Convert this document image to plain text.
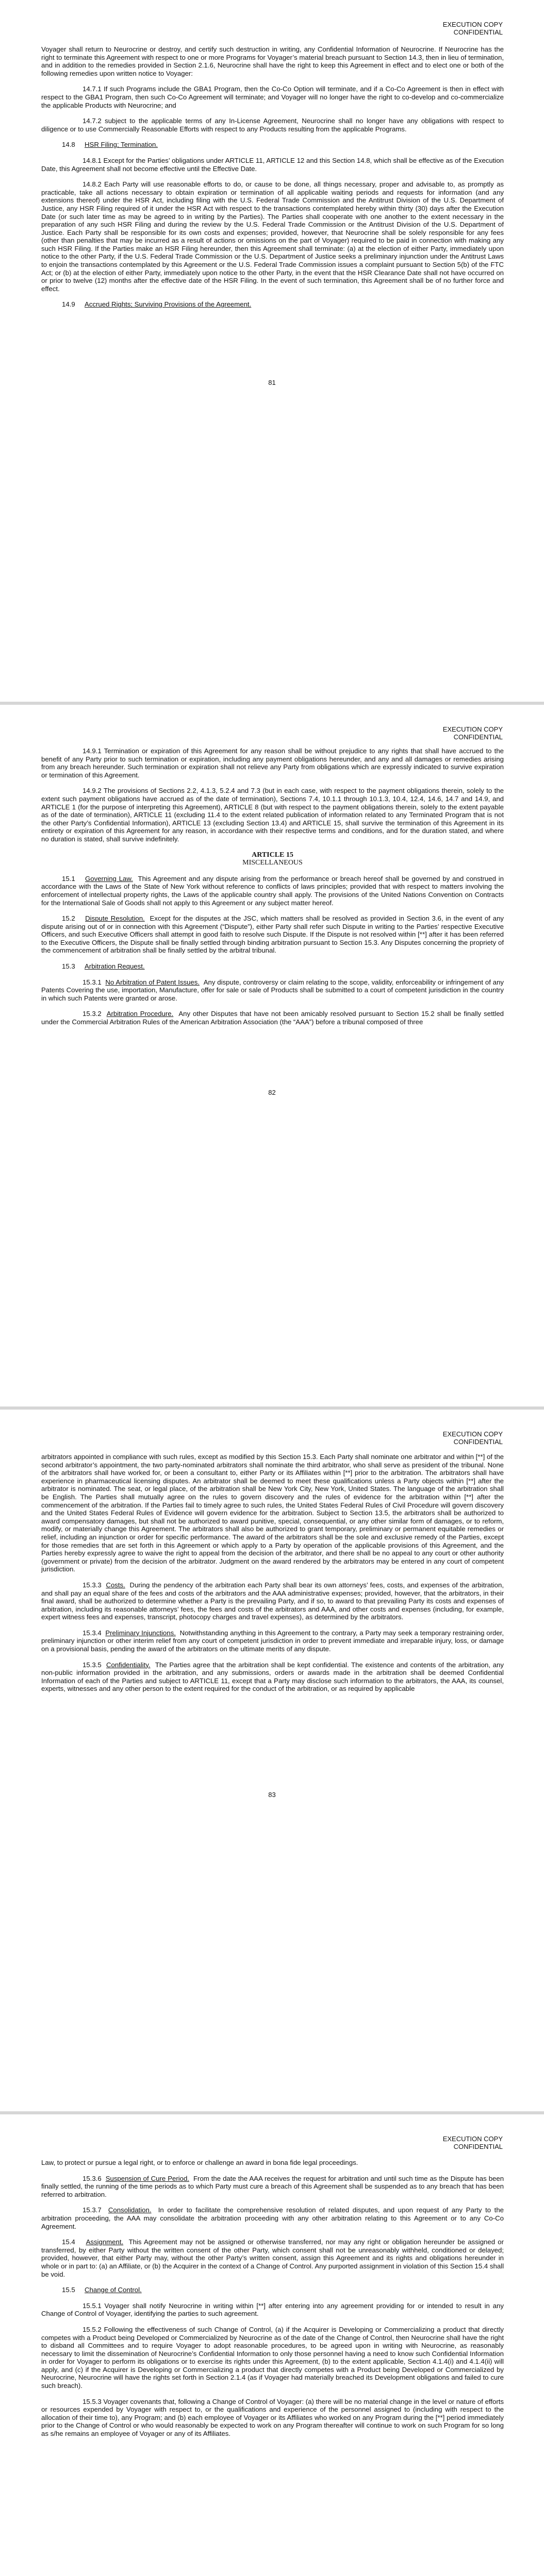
EXECUTION COPY
CONFIDENTIAL

Voyager shall return to Neurocrine or destroy, and certify such destruction in writing, any Confidential Information of Neurocrine. If Neurocrine has the right to terminate this Agreement with respect to one or more Programs for Voyager’s material breach pursuant to Section 14.3, then in lieu of termination, and in addition to the remedies provided in Section 2.1.6, Neurocrine shall have the right to keep this Agreement in effect and to elect one or both of the following remedies upon written notice to Voyager:

14.7.1 If such Programs include the GBA1 Program, then the Co-Co Option will terminate, and if a Co-Co Agreement is then in effect with respect to the GBA1 Program, then such Co-Co Agreement will terminate; and Voyager will no longer have the right to co-develop and co-commercialize the applicable Products with Neurocrine; and

14.7.2 subject to the applicable terms of any In-License Agreement, Neurocrine shall no longer have any obligations with respect to diligence or to use Commercially Reasonable Efforts with respect to any Products resulting from the applicable Programs.

14.8 HSR Filing; Termination.

14.8.1 Except for the Parties’ obligations under ARTICLE 11, ARTICLE 12 and this Section 14.8, which shall be effective as of the Execution Date, this Agreement shall not become effective until the Effective Date.

14.8.2 Each Party will use reasonable efforts to do, or cause to be done, all things necessary, proper and advisable to, as promptly as practicable, take all actions necessary to obtain expiration or termination of all applicable waiting periods and requests for information (and any extensions thereof) under the HSR Act, including filing with the U.S. Federal Trade Commission and the Antitrust Division of the U.S. Department of Justice, any HSR Filing required of it under the HSR Act with respect to the transactions contemplated hereby within thirty (30) days after the Execution Date (or such later time as may be agreed to in writing by the Parties). The Parties shall cooperate with one another to the extent necessary in the preparation of any such HSR Filing and during the review by the U.S. Federal Trade Commission or the Antitrust Division of the U.S. Department of Justice. Each Party shall be responsible for its own costs and expenses; provided, however, that Neurocrine shall be solely responsible for any fees (other than penalties that may be incurred as a result of actions or omissions on the part of Voyager) required to be paid in connection with making any such HSR Filing. If the Parties make an HSR Filing hereunder, then this Agreement shall terminate: (a) at the election of either Party, immediately upon notice to the other Party, if the U.S. Federal Trade Commission or the U.S. Department of Justice seeks a preliminary injunction under the Antitrust Laws to enjoin the transactions contemplated by this Agreement or the U.S. Federal Trade Commission issues a complaint pursuant to Section 5(b) of the FTC Act; or (b) at the election of either Party, immediately upon notice to the other Party, in the event that the HSR Clearance Date shall not have occurred on or prior to twelve (12) months after the effective date of the HSR Filing. In the event of such termination, this Agreement shall be of no further force and effect.

14.9 Accrued Rights; Surviving Provisions of the Agreement.

81
EXECUTION COPY
CONFIDENTIAL

14.9.1 Termination or expiration of this Agreement for any reason shall be without prejudice to any rights that shall have accrued to the benefit of any Party prior to such termination or expiration, including any payment obligations hereunder, and any and all damages or remedies arising from any breach hereunder. Such termination or expiration shall not relieve any Party from obligations which are expressly indicated to survive expiration or termination of this Agreement.

14.9.2 The provisions of Sections 2.2, 4.1.3, 5.2.4 and 7.3 (but in each case, with respect to the payment obligations therein, solely to the extent such payment obligations have accrued as of the date of termination), Sections 7.4, 10.1.1 through 10.1.3, 10.4, 12.4, 14.6, 14.7 and 14.9, and ARTICLE 1 (for the purpose of interpreting this Agreement), ARTICLE 8 (but with respect to the payment obligations therein, solely to the extent payable as of the date of termination), ARTICLE 11 (excluding 11.4 to the extent related publication of information related to any Terminated Program that is not the other Party’s Confidential Information), ARTICLE 13 (excluding Section 13.4) and ARTICLE 15, shall survive the termination of this Agreement in its entirety or expiration of this Agreement for any reason, in accordance with their respective terms and conditions, and for the duration stated, and where no duration is stated, shall survive indefinitely.

ARTICLE 15

MISCELLANEOUS

15.1 Governing Law. This Agreement and any dispute arising from the performance or breach hereof shall be governed by and construed in accordance with the Laws of the State of New York without reference to conflicts of laws principles; provided that with respect to matters involving the enforcement of intellectual property rights, the Laws of the applicable country shall apply. The provisions of the United Nations Convention on Contracts for the International Sale of Goods shall not apply to this Agreement or any subject matter hereof.

15.2 Dispute Resolution. Except for the disputes at the JSC, which matters shall be resolved as provided in Section 3.6, in the event of any dispute arising out of or in connection with this Agreement (“Dispute”), either Party shall refer such Dispute in writing to the Parties’ respective Executive Officers, and such Executive Officers shall attempt in good faith to resolve such Dispute. If the Dispute is not resolved within [**] after it has been referred to the Executive Officers, the Dispute shall be finally settled through binding arbitration pursuant to Section 15.3. Any Disputes concerning the propriety of the commencement of arbitration shall be finally settled by the arbitral tribunal.

15.3 Arbitration Request.

15.3.1 No Arbitration of Patent Issues. Any dispute, controversy or claim relating to the scope, validity, enforceability or infringement of any Patents Covering the use, importation, Manufacture, offer for sale or sale of Products shall be submitted to a court of competent jurisdiction in the country in which such Patents were granted or arose.

15.3.2 Arbitration Procedure. Any other Disputes that have not been amicably resolved pursuant to Section 15.2 shall be finally settled under the Commercial Arbitration Rules of the American Arbitration Association (the “AAA”) before a tribunal composed of three

82
EXECUTION COPY
CONFIDENTIAL

arbitrators appointed in compliance with such rules, except as modified by this Section 15.3. Each Party shall nominate one arbitrator and within [**] of the second arbitrator’s appointment, the two party-nominated arbitrators shall nominate the third arbitrator, who shall serve as president of the tribunal. None of the arbitrators shall have worked for, or been a consultant to, either Party or its Affiliates within [**] prior to the arbitration. The arbitrators shall have experience in pharmaceutical licensing disputes. An arbitrator shall be deemed to meet these qualifications unless a Party objects within [**] after the arbitrator is nominated. The seat, or legal place, of the arbitration shall be New York City, New York, United States. The language of the arbitration shall be English. The Parties shall mutually agree on the rules to govern discovery and the rules of evidence for the arbitration within [**] after the commencement of the arbitration. If the Parties fail to timely agree to such rules, the United States Federal Rules of Civil Procedure will govern discovery and the United States Federal Rules of Evidence will govern evidence for the arbitration. Subject to Section 13.5, the arbitrators shall be authorized to award compensatory damages, but shall not be authorized to award punitive, special, consequential, or any other similar form of damages, or to reform, modify, or materially change this Agreement. The arbitrators shall also be authorized to grant temporary, preliminary or permanent equitable remedies or relief, including an injunction or order for specific performance. The award of the arbitrators shall be the sole and exclusive remedy of the Parties, except for those remedies that are set forth in this Agreement or which apply to a Party by operation of the applicable provisions of this Agreement, and the Parties hereby expressly agree to waive the right to appeal from the decision of the arbitrator, and there shall be no appeal to any court or other authority (government or private) from the decision of the arbitrator. Judgment on the award rendered by the arbitrators may be entered in any court of competent jurisdiction.

15.3.3 Costs. During the pendency of the arbitration each Party shall bear its own attorneys’ fees, costs, and expenses of the arbitration, and shall pay an equal share of the fees and costs of the arbitrators and the AAA administrative expenses; provided, however, that the arbitrators, in their final award, shall be authorized to determine whether a Party is the prevailing Party, and if so, to award to that prevailing Party its costs and expenses of arbitration, including its reasonable attorneys’ fees, the fees and costs of the arbitrators and AAA, and other costs and expenses (including, for example, expert witness fees and expenses, transcript, photocopy charges and travel expenses), as determined by the arbitrators.

15.3.4 Preliminary Injunctions. Notwithstanding anything in this Agreement to the contrary, a Party may seek a temporary restraining order, preliminary injunction or other interim relief from any court of competent jurisdiction in order to prevent immediate and irreparable injury, loss, or damage on a provisional basis, pending the award of the arbitrators on the ultimate merits of any dispute.

15.3.5 Confidentiality. The Parties agree that the arbitration shall be kept confidential. The existence and contents of the arbitration, any non-public information provided in the arbitration, and any submissions, orders or awards made in the arbitration shall be deemed Confidential Information of each of the Parties and subject to ARTICLE 11, except that a Party may disclose such information to the arbitrators, the AAA, its counsel, experts, witnesses and any other person to the extent required for the conduct of the arbitration, or as required by applicable

83
EXECUTION COPY
CONFIDENTIAL

Law, to protect or pursue a legal right, or to enforce or challenge an award in bona fide legal proceedings.

15.3.6 Suspension of Cure Period. From the date the AAA receives the request for arbitration and until such time as the Dispute has been finally settled, the running of the time periods as to which Party must cure a breach of this Agreement shall be suspended as to any breach that has been referred to arbitration.

15.3.7 Consolidation. In order to facilitate the comprehensive resolution of related disputes, and upon request of any Party to the arbitration proceeding, the AAA may consolidate the arbitration proceeding with any other arbitration relating to this Agreement or to any Co-Co Agreement.

15.4 Assignment. This Agreement may not be assigned or otherwise transferred, nor may any right or obligation hereunder be assigned or transferred, by either Party without the written consent of the other Party, which consent shall not be unreasonably withheld, conditioned or delayed; provided, however, that either Party may, without the other Party’s written consent, assign this Agreement and its rights and obligations hereunder in whole or in part to: (a) an Affiliate, or (b) the Acquirer in the context of a Change of Control. Any purported assignment in violation of this Section 15.4 shall be void.

15.5 Change of Control.

15.5.1 Voyager shall notify Neurocrine in writing within [**] after entering into any agreement providing for or intended to result in any Change of Control of Voyager, identifying the parties to such agreement.

15.5.2 Following the effectiveness of such Change of Control, (a) if the Acquirer is Developing or Commercializing a product that directly competes with a Product being Developed or Commercialized by Neurocrine as of the date of the Change of Control, then Neurocrine shall have the right to disband all Committees and to require Voyager to adopt reasonable procedures, to be agreed upon in writing with Neurocrine, as reasonably necessary to limit the dissemination of Neurocrine’s Confidential Information to only those personnel having a need to know such Confidential Information in order for Voyager to perform its obligations or to exercise its rights under this Agreement, (b) to the extent applicable, Section 4.1.4(i) and 4.1.4(ii) will apply, and (c) if the Acquirer is Developing or Commercializing a product that directly competes with a Product being Developed or Commercialized by Neurocrine, Neurocrine will have the rights set forth in Section 2.1.4 (as if Voyager had materially breached its Development obligations and failed to cure such breach).

15.5.3 Voyager covenants that, following a Change of Control of Voyager: (a) there will be no material change in the level or nature of efforts or resources expended by Voyager with respect to, or the qualifications and experience of the personnel assigned to (including with respect to the allocation of their time to), any Program; and (b) each employee of Voyager or its Affiliates who worked on any Program during the [**] period immediately prior to the Change of Control or who would reasonably be expected to work on any Program thereafter will continue to work on such Program for so long as s/he remains an employee of Voyager or any of its Affiliates.
